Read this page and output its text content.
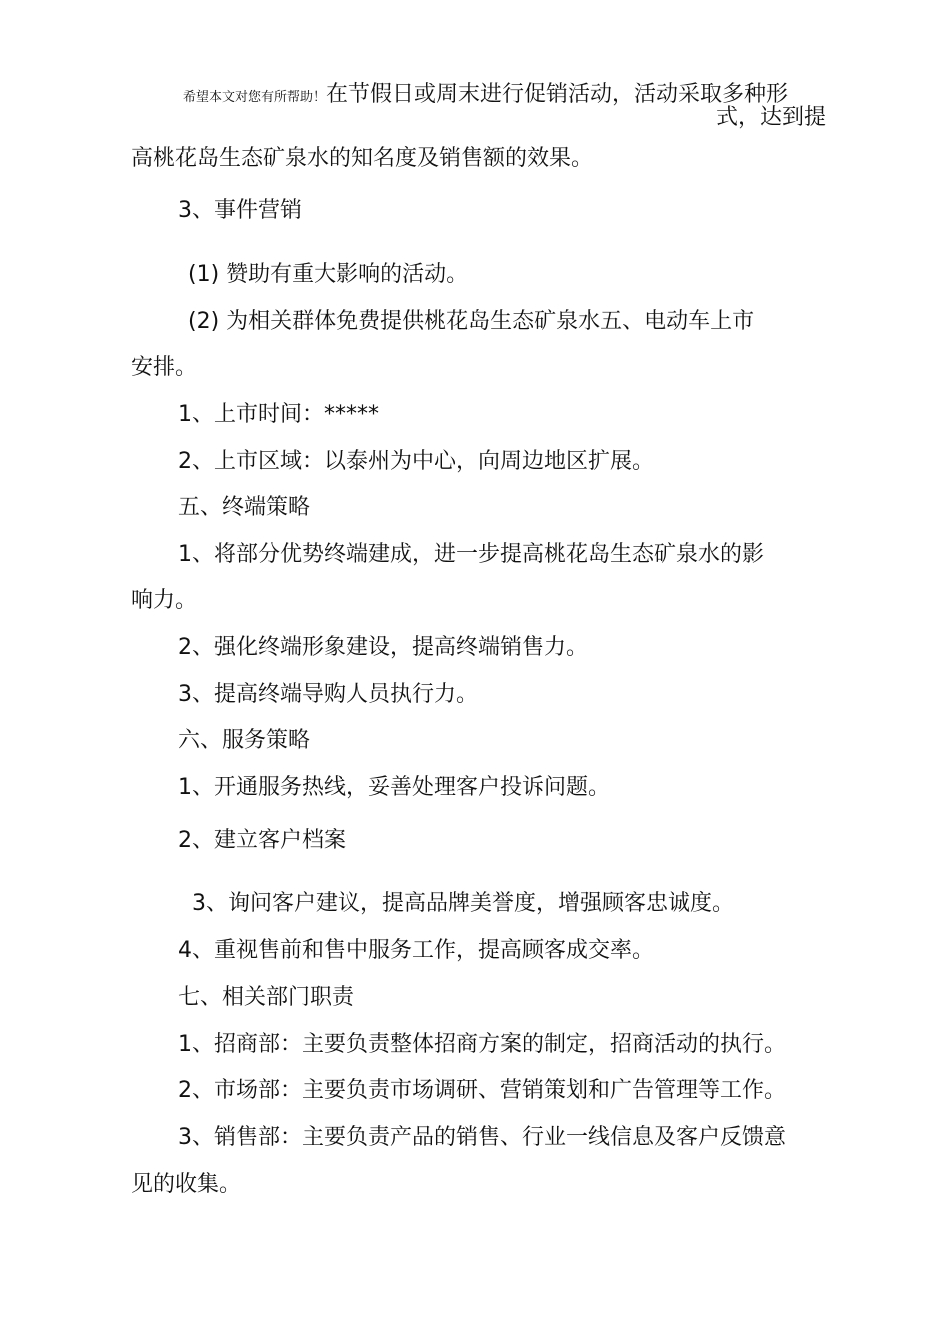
希望本文对您有所帮助！在节假日或周末进行促销活动，活动采取多种形
式，达到提
高桃花岛生态矿泉水的知名度及销售额的效果。
3、事件营销
(1) 赞助有重大影响的活动。
(2) 为相关群体免费提供桃花岛生态矿泉水五、电动车上市
安排。
1、上市时间：*****
2、上市区域：以泰州为中心，向周边地区扩展。
五、终端策略
1、将部分优势终端建成，进一步提高桃花岛生态矿泉水的影
响力。
2、强化终端形象建设，提高终端销售力。
3、提高终端导购人员执行力。
六、服务策略
1、开通服务热线，妥善处理客户投诉问题。
2、建立客户档案
3、询问客户建议，提高品牌美誉度，增强顾客忠诚度。
4、重视售前和售中服务工作，提高顾客成交率。
七、相关部门职责
1、招商部：主要负责整体招商方案的制定，招商活动的执行。
2、市场部：主要负责市场调研、营销策划和广告管理等工作。
3、销售部：主要负责产品的销售、行业一线信息及客户反馈意
见的收集。
